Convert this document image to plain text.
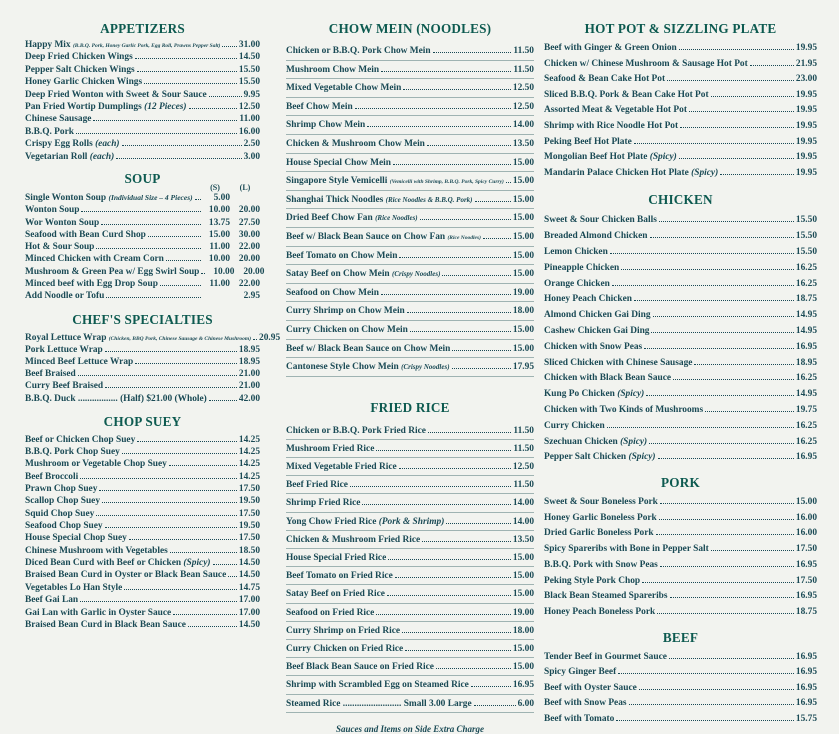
APPETIZERS
Happy Mix (B.B.Q. Pork, Honey Garlic Pork, Egg Roll, Prawns Pepper Salt) 31.00
Deep Fried Chicken Wings	14.50
Pepper Salt Chicken Wings	15.50
Honey Garlic Chicken Wings	15.50
Deep Fried Wonton with Sweet & Sour Sauce	9.95
Pan Fried Wortip Dumplings (12 Pieces)	12.50
Chinese Sausage	11.00
B.B.Q. Pork	16.00
Crispy Egg Rolls (each)	2.50
Vegetarian Roll (each)	3.00
SOUP
(S)	(L)
Single Wonton Soup (Individual Size – 4 Pieces)	5.00
Wonton Soup	10.00 20.00
Wor Wonton Soup	13.75 27.50
Seafood with Bean Curd Shop	15.00 30.00
Hot & Sour Soup	11.00 22.00
Minced Chicken with Cream Corn	10.00 20.00
Mushroom & Green Pea w/ Egg Swirl Soup	10.00 20.00
Minced beef with Egg Drop Soup	11.00 22.00
Add Noodle or Tofu	2.95
CHEF'S SPECIALTIES
Royal Lettuce Wrap (Chicken, BBQ Pork, Chinese Sausage & Chinese Mushroom) 20.95
Pork Lettuce Wrap	18.95
Minced Beef Lettuce Wrap	18.95
Beef Braised	21.00
Curry Beef Braised	21.00
B.B.Q. Duck ................. (Half) $21.00 (Whole)	42.00
CHOP SUEY
Beef or Chicken Chop Suey	14.25
B.B.Q. Pork Chop Suey	14.25
Mushroom or Vegetable Chop Suey	14.25
Beef Broccoli	14.25
Prawn Chop Suey	17.50
Scallop Chop Suey	19.50
Squid Chop Suey	17.50
Seafood Chop Suey	19.50
House Special Chop Suey	17.50
Chinese Mushroom with Vegetables	18.50
Diced Bean Curd with Beef or Chicken (Spicy)	14.50
Braised Bean Curd in Oyster or Black Bean Sauce 14.50
Vegetables Lo Han Style	14.75
Beef Gai Lan	17.00
Gai Lan with Garlic in Oyster Sauce	17.00
Braised Bean Curd in Black Bean Sauce	14.50
CHOW MEIN (NOODLES)
Chicken or B.B.Q. Pork Chow Mein	11.50
Mushroom Chow Mein	11.50
Mixed Vegetable Chow Mein	12.50
Beef Chow Mein	12.50
Shrimp Chow Mein	14.00
Chicken & Mushroom Chow Mein	13.50
House Special Chow Mein	15.00
Singapore Style Vemicelli (Vemicelli with Shrimp, B.B.Q. Pork, Spicy Curry) 15.00
Shanghai Thick Noodles (Rice Noodles & B.B.Q. Pork)	15.00
Dried Beef Chow Fan (Rice Noodles)	15.00
Beef w/ Black Bean Sauce on Chow Fan (Rice Noodles)	15.00
Beef Tomato on Chow Mein	15.00
Satay Beef on Chow Mein (Crispy Noodles)	15.00
Seafood on Chow Mein	19.00
Curry Shrimp on Chow Mein	18.00
Curry Chicken on Chow Mein	15.00
Beef w/ Black Bean Sauce on Chow Mein	15.00
Cantonese Style Chow Mein (Crispy Noodles)	17.95
FRIED RICE
Chicken or B.B.Q. Pork Fried Rice	11.50
Mushroom Fried Rice	11.50
Mixed Vegetable Fried Rice	12.50
Beef Fried Rice	11.50
Shrimp Fried Rice	14.00
Yong Chow Fried Rice (Pork & Shrimp)	14.00
Chicken & Mushroom Fried Rice	13.50
House Special Fried Rice	15.00
Beef Tomato on Fried Rice	15.00
Satay Beef on Fried Rice	15.00
Seafood on Fried Rice	19.00
Curry Shrimp on Fried Rice	18.00
Curry Chicken on Fried Rice	15.00
Beef Black Bean Sauce on Fried Rice	15.00
Shrimp with Scrambled Egg on Steamed Rice	16.95
Steamed Rice ......................... Small 3.00 Large	6.00
Sauces and Items on Side Extra Charge
HOT POT & SIZZLING PLATE
Beef with Ginger & Green Onion	19.95
Chicken w/ Chinese Mushroom & Sausage Hot Pot	21.95
Seafood & Bean Cake Hot Pot	23.00
Sliced B.B.Q. Pork & Bean Cake Hot Pot	19.95
Assorted Meat & Vegetable Hot Pot	19.95
Shrimp with Rice Noodle Hot Pot	19.95
Peking Beef Hot Plate	19.95
Mongolian Beef Hot Plate (Spicy)	19.95
Mandarin Palace Chicken Hot Plate (Spicy)	19.95
CHICKEN
Sweet & Sour Chicken Balls	15.50
Breaded Almond Chicken	15.50
Lemon Chicken	15.50
Pineapple Chicken	16.25
Orange Chicken	16.25
Honey Peach Chicken	18.75
Almond Chicken Gai Ding	14.95
Cashew Chicken Gai Ding	14.95
Chicken with Snow Peas	16.95
Sliced Chicken with Chinese Sausage	18.95
Chicken with Black Bean Sauce	16.25
Kung Po Chicken (Spicy)	14.95
Chicken with Two Kinds of Mushrooms	19.75
Curry Chicken	16.25
Szechuan Chicken (Spicy)	16.25
Pepper Salt Chicken (Spicy)	16.95
PORK
Sweet & Sour Boneless Pork	15.00
Honey Garlic Boneless Pork	16.00
Dried Garlic Boneless Pork	16.00
Spicy Spareribs with Bone in Pepper Salt	17.50
B.B.Q. Pork with Snow Peas	16.95
Peking Style Pork Chop	17.50
Black Bean Steamed Spareribs	16.95
Honey Peach Boneless Pork	18.75
BEEF
Tender Beef in Gourmet Sauce	16.95
Spicy Ginger Beef	16.95
Beef with Oyster Sauce	16.95
Beef with Snow Peas	16.95
Beef with Tomato	15.75
